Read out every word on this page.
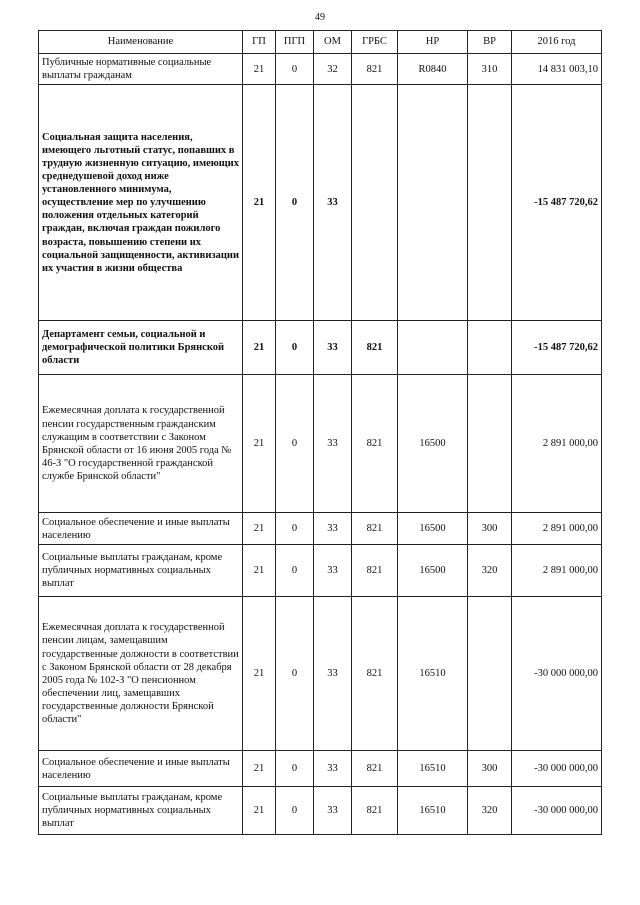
49
Наименование	ГП	ПГП	ОМ	ГРБС	НР	ВР	2016 год
Публичные нормативные социальные выплаты гражданам	21	0	32	821	R0840	310	14 831 003,10
Социальная защита населения, имеющего льготный статус, попавших в трудную жизненную ситуацию, имеющих среднедушевой доход ниже установленного минимума, осуществление мер по улучшению положения отдельных категорий граждан, включая граждан пожилого возраста, повышению степени их социальной защищенности, активизации их участия в жизни общества	21	0	33				-15 487 720,62
Департамент семьи, социальной и демографической политики Брянской области	21	0	33	821			-15 487 720,62
Ежемесячная доплата к государственной пенсии государственным гражданским служащим в соответствии с Законом Брянской области от 16 июня 2005 года № 46-З "О государственной гражданской службе Брянской области"	21	0	33	821	16500		2 891 000,00
Социальное обеспечение и иные выплаты населению	21	0	33	821	16500	300	2 891 000,00
Социальные выплаты гражданам, кроме публичных нормативных социальных выплат	21	0	33	821	16500	320	2 891 000,00
Ежемесячная доплата к государственной пенсии лицам, замещавшим государственные должности в соответствии с Законом Брянской области от 28 декабря 2005 года № 102-З "О пенсионном обеспечении лиц, замещавших государственные должности Брянской области"	21	0	33	821	16510		-30 000 000,00
Социальное обеспечение и иные выплаты населению	21	0	33	821	16510	300	-30 000 000,00
Социальные выплаты гражданам, кроме публичных нормативных социальных выплат	21	0	33	821	16510	320	-30 000 000,00
